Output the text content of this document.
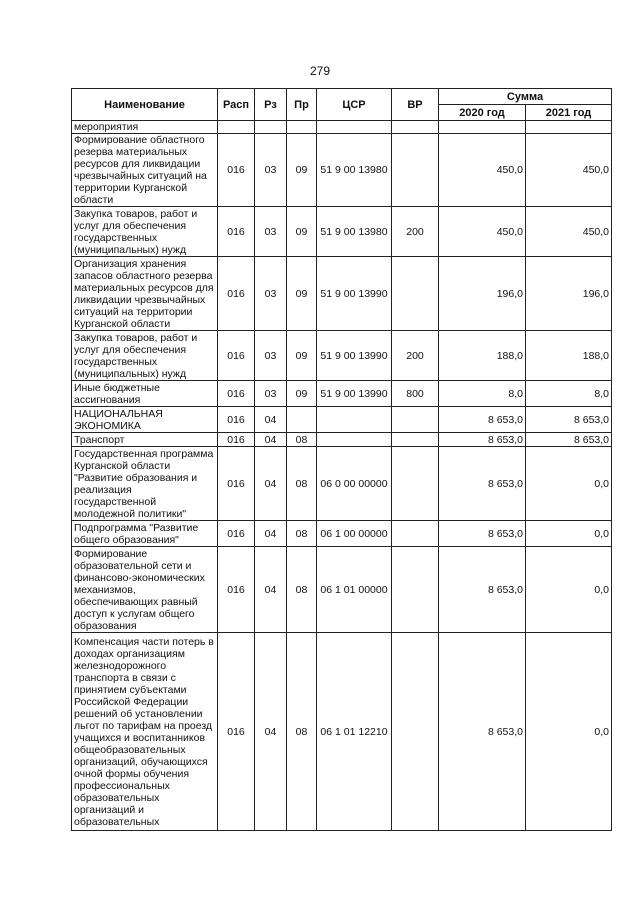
279
Наименование	Расп	Рз	Пр	ЦСР	ВР	Сумма	
						2020 год	2021 год
мероприятия							
Формирование областного резерва материальных ресурсов для ликвидации чрезвычайных ситуаций на территории Курганской области	016	03	09	51 9 00 13980		450,0	450,0
Закупка товаров, работ и услуг для обеспечения государственных (муниципальных) нужд	016	03	09	51 9 00 13980	200	450,0	450,0
Организация хранения запасов областного резерва материальных ресурсов для ликвидации чрезвычайных ситуаций на территории Курганской области	016	03	09	51 9 00 13990		196,0	196,0
Закупка товаров, работ и услуг для обеспечения государственных (муниципальных) нужд	016	03	09	51 9 00 13990	200	188,0	188,0
Иные бюджетные ассигнования	016	03	09	51 9 00 13990	800	8,0	8,0
НАЦИОНАЛЬНАЯ ЭКОНОМИКА	016	04				8 653,0	8 653,0
Транспорт	016	04	08			8 653,0	8 653,0
Государственная программа Курганской области "Развитие образования и реализация государственной молодежной политики"	016	04	08	06 0 00 00000		8 653,0	0,0
Подпрограмма "Развитие общего образования"	016	04	08	06 1 00 00000		8 653,0	0,0
Формирование образовательной сети и финансово-экономических механизмов, обеспечивающих равный доступ к услугам общего образования	016	04	08	06 1 01 00000		8 653,0	0,0
Компенсация части потерь в доходах организациям железнодорожного транспорта в связи с принятием субъектами Российской Федерации решений об установлении льгот по тарифам на проезд учащихся и воспитанников общеобразовательных организаций, обучающихся очной формы обучения профессиональных образовательных организаций и образовательных	016	04	08	06 1 01 12210		8 653,0	0,0
